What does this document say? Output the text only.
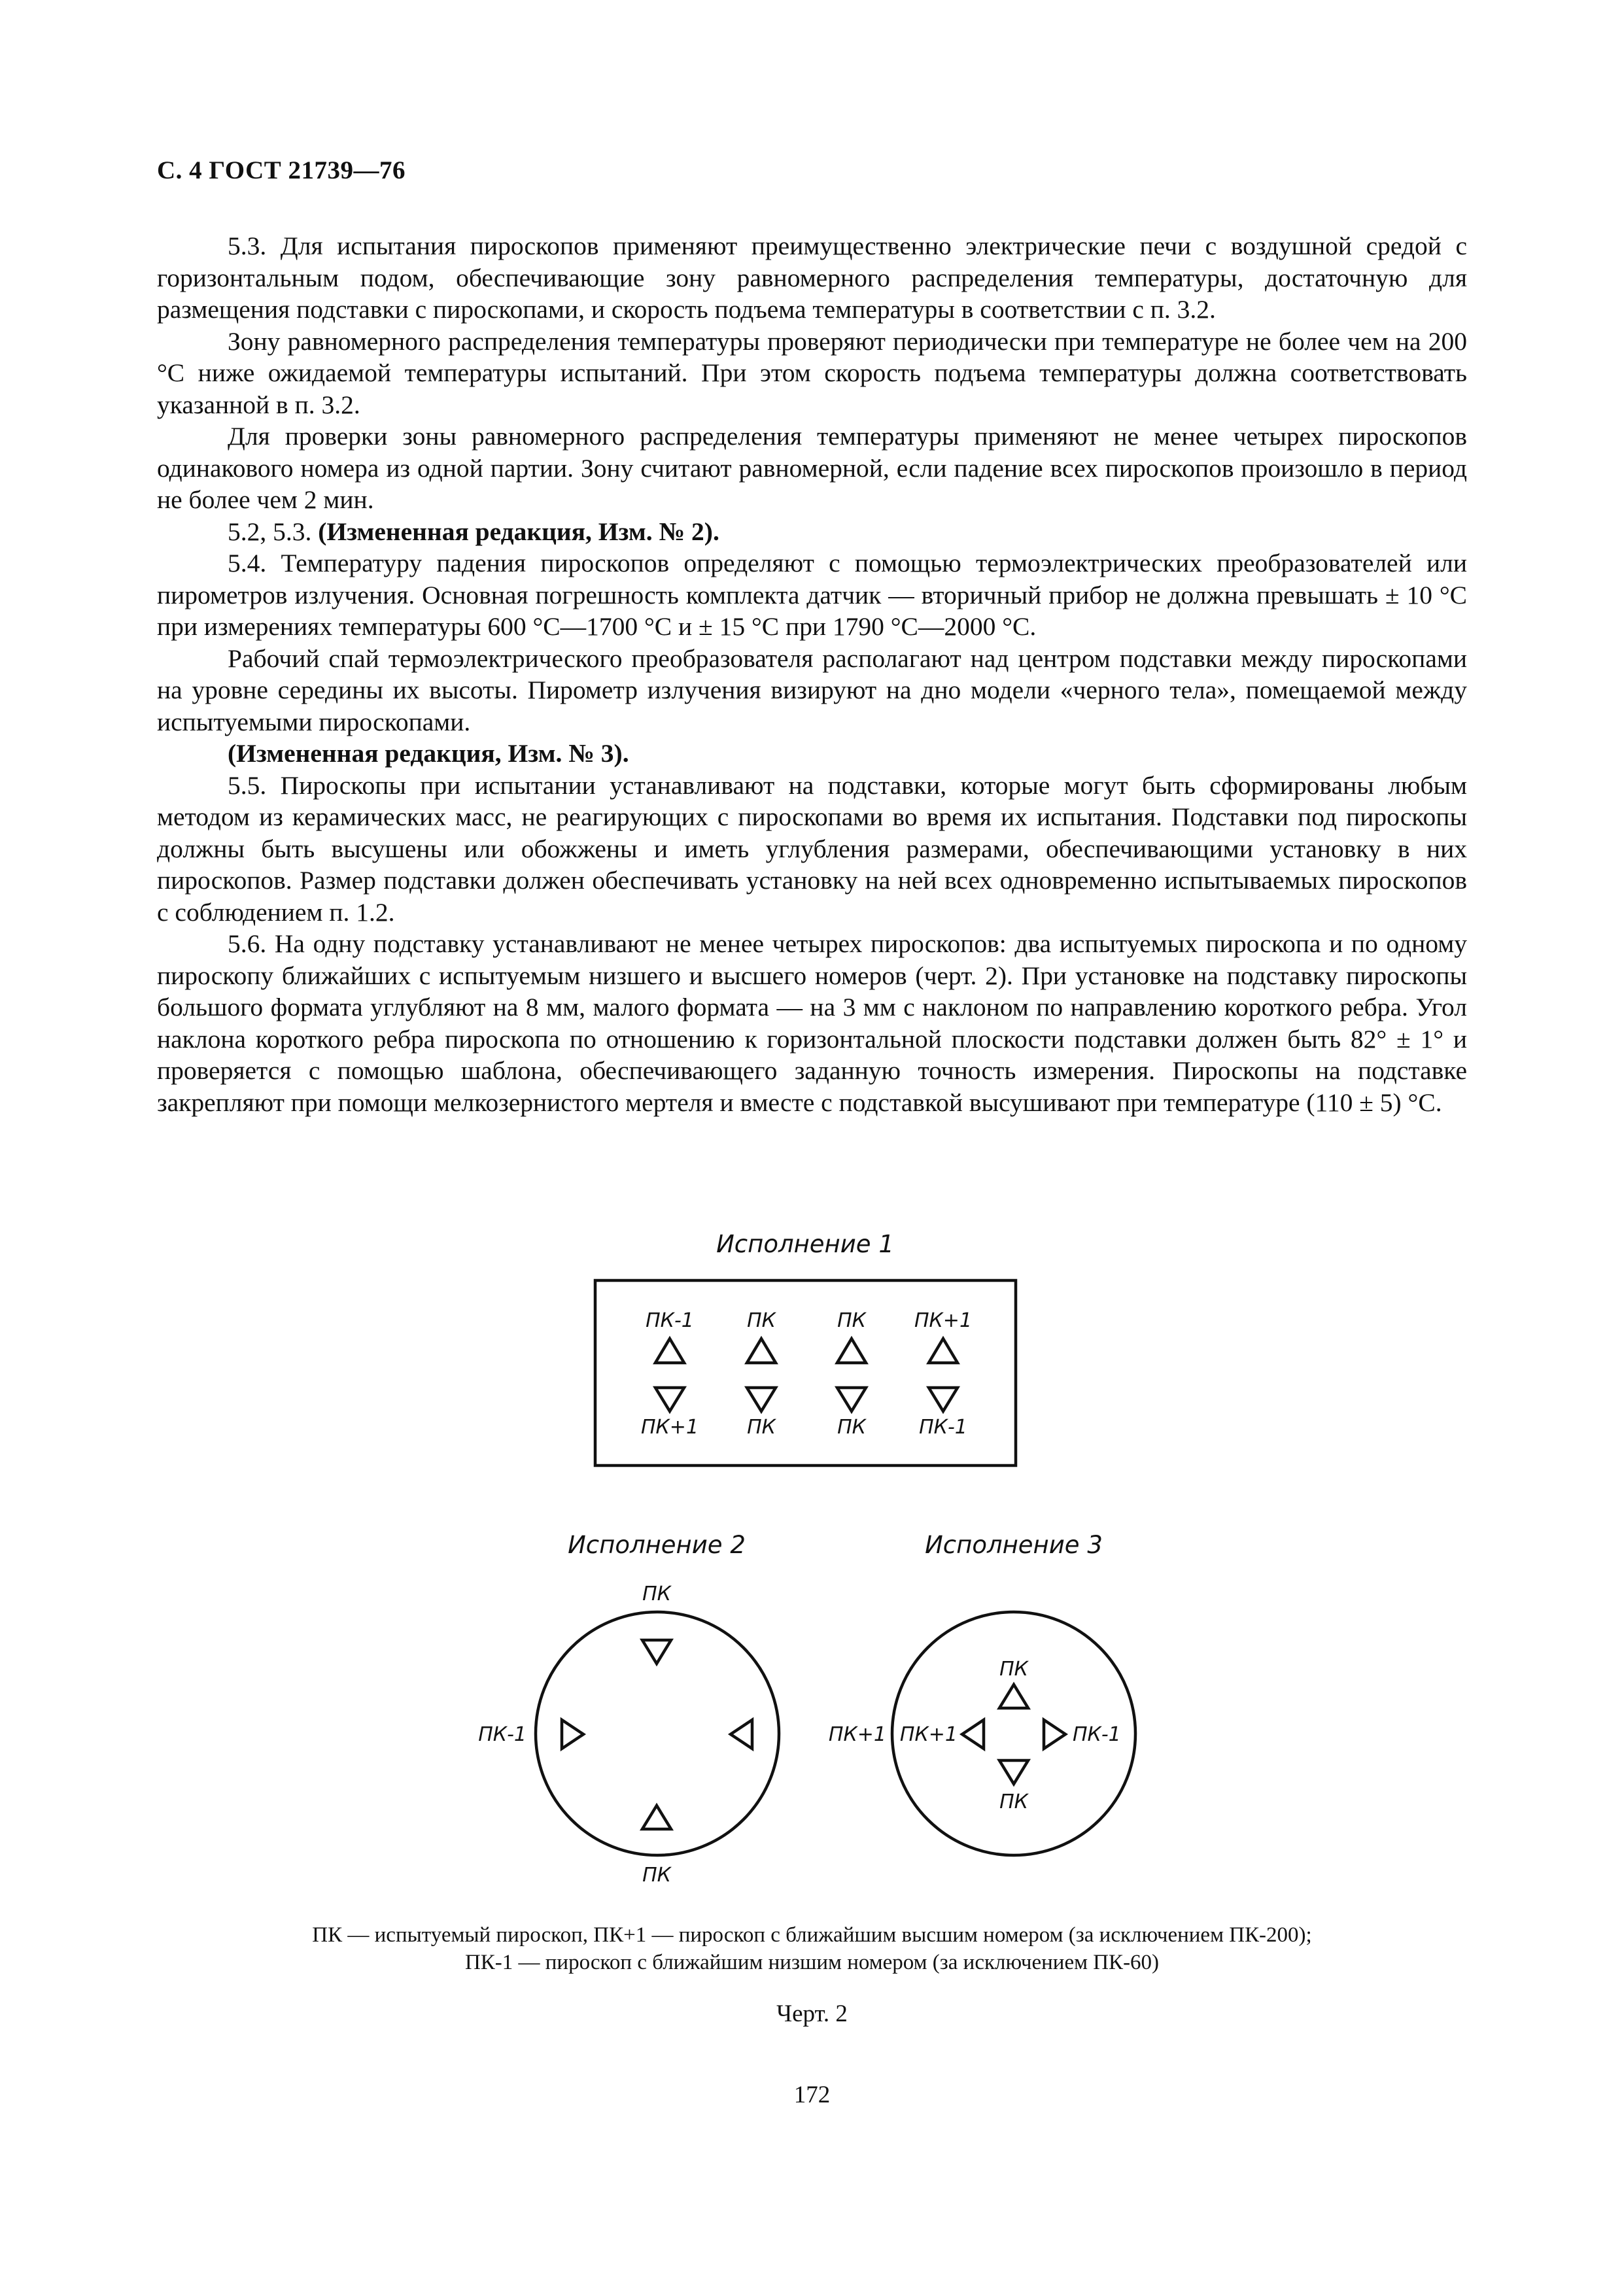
С. 4 ГОСТ 21739—76

5.3. Для испытания пироскопов применяют преимущественно электрические печи с воздушной средой с горизонтальным подом, обеспечивающие зону равномерного распределения температуры, достаточную для размещения подставки с пироскопами, и скорость подъема температуры в соответствии с п. 3.2.

Зону равномерного распределения температуры проверяют периодически при температуре не более чем на 200 °С ниже ожидаемой температуры испытаний. При этом скорость подъема температуры должна соответствовать указанной в п. 3.2.

Для проверки зоны равномерного распределения температуры применяют не менее четырех пироскопов одинакового номера из одной партии. Зону считают равномерной, если падение всех пироскопов произошло в период не более чем 2 мин.

5.2, 5.3. (Измененная редакция, Изм. № 2).

5.4. Температуру падения пироскопов определяют с помощью термоэлектрических преобразователей или пирометров излучения. Основная погрешность комплекта датчик — вторичный прибор не должна превышать ± 10 °С при измерениях температуры 600 °С—1700 °С и ± 15 °С при 1790 °С—2000 °С.

Рабочий спай термоэлектрического преобразователя располагают над центром подставки между пироскопами на уровне середины их высоты. Пирометр излучения визируют на дно модели «черного тела», помещаемой между испытуемыми пироскопами.

(Измененная редакция, Изм. № 3).

5.5. Пироскопы при испытании устанавливают на подставки, которые могут быть сформированы любым методом из керамических масс, не реагирующих с пироскопами во время их испытания. Подставки под пироскопы должны быть высушены или обожжены и иметь углубления размерами, обеспечивающими установку в них пироскопов. Размер подставки должен обеспечивать установку на ней всех одновременно испытываемых пироскопов с соблюдением п. 1.2.

5.6. На одну подставку устанавливают не менее четырех пироскопов: два испытуемых пироскопа и по одному пироскопу ближайших с испытуемым низшего и высшего номеров (черт. 2). При установке на подставку пироскопы большого формата углубляют на 8 мм, малого формата — на 3 мм с наклоном по направлению короткого ребра. Угол наклона короткого ребра пироскопа по отношению к горизонтальной плоскости подставки должен быть 82° ± 1° и проверяется с помощью шаблона, обеспечивающего заданную точность измерения. Пироскопы на подставке закрепляют при помощи мелкозернистого мертеля и вместе с подставкой высушивают при температуре (110 ± 5) °С.

Исполнение 1
Исполнение 2	Исполнение 3
ПК-1	ПК	ПК ПК+1
ПК+1 ПК	ПК	ПК-1
ПК
ПК-1
ПК
ПК
ПК+1 ПК+1	ПК-1
ПК
ПК — испытуемый пироскоп, ПК+1 — пироскоп с ближайшим высшим номером (за исключением ПК-200);
ПК-1 — пироскоп с ближайшим низшим номером (за исключением ПК-60)
Черт. 2
172
